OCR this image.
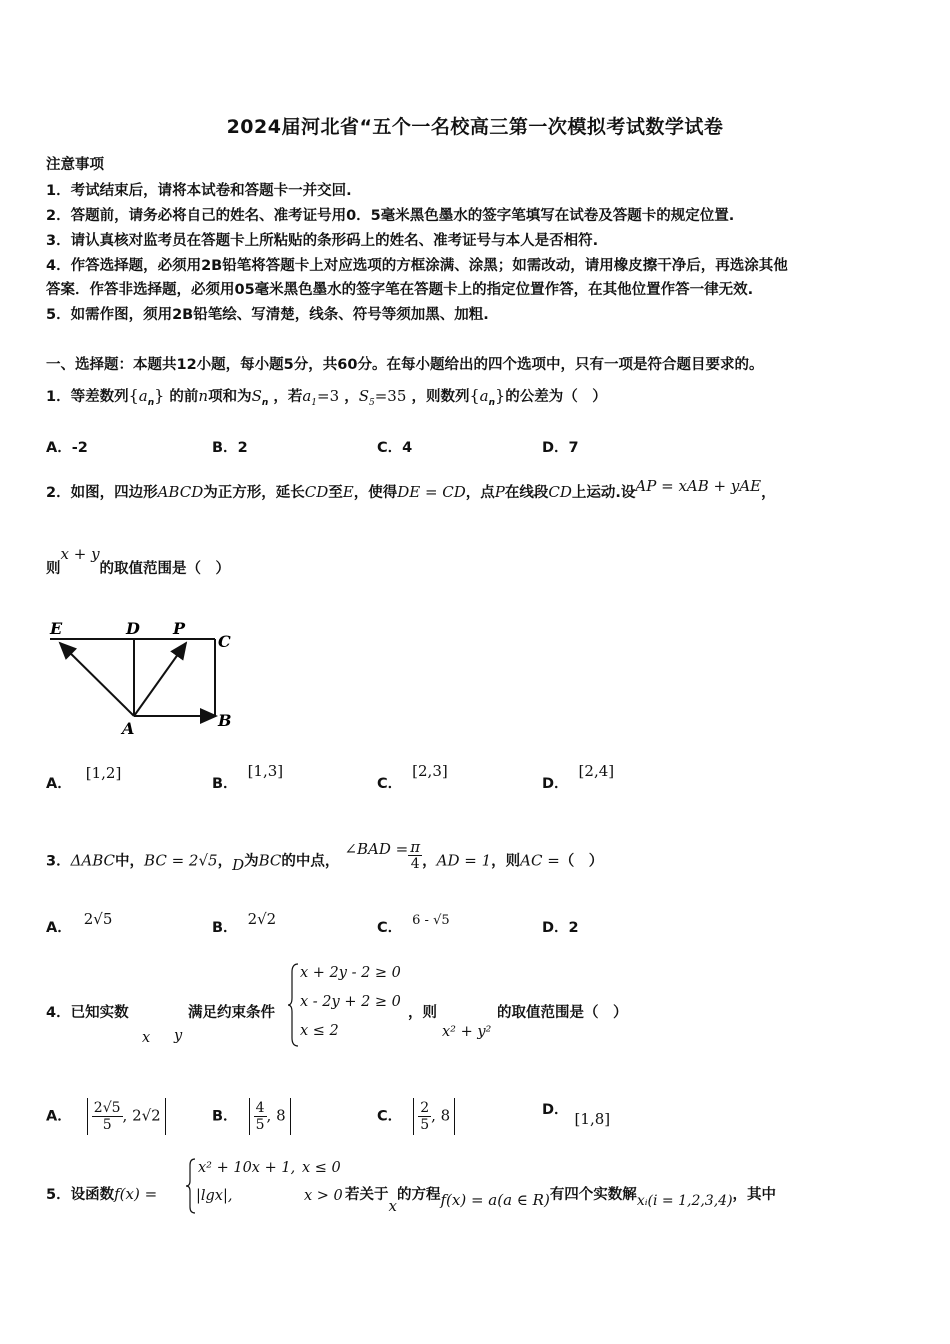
2024届河北省“五个一名校高三第一次模拟考试数学试卷
注意事项
1．考试结束后，请将本试卷和答题卡一并交回.
2．答题前，请务必将自己的姓名、准考证号用0．5毫米黑色墨水的签字笔填写在试卷及答题卡的规定位置.
3．请认真核对监考员在答题卡上所粘贴的条形码上的姓名、准考证号与本人是否相符.
4．作答选择题，必须用2B铅笔将答题卡上对应选项的方框涂满、涂黑；如需改动，请用橡皮擦干净后，再选涂其他
答案．作答非选择题，必须用05毫米黑色墨水的签字笔在答题卡上的指定位置作答，在其他位置作答一律无效.
5．如需作图，须用2B铅笔绘、写清楚，线条、符号等须加黑、加粗.
一、选择题：本题共12小题，每小题5分，共60分。在每小题给出的四个选项中，只有一项是符合题目要求的。
1．等差数列$\{a_n\}$ 的前n项和为$S_n$ ，若$a_1=3$ ，$S_5=35$ ，则数列$\{a_n\}$的公差为（　）
A．-2	B．2	C．4	D．7
2．如图，四边形ABCD为正方形，延长CD至E，使得DE = CD，点P在线段CD上运动.设AP = xAB + yAE，
则x + y的取值范围是（　）
E	D P
C
A	B
A．[1,2]
B．[1,3]
C．[2,3]
D．[2,4]
3．ΔABC中，BC = 2√5，D为BC的中点， ∠BAD = $\frac{\pi}{4}$ ，AD = 1，则AC =（　）
A． 2√5	B． 2√2	C． 6 - √5	D．2
4．已知实数	满足约束条件
x y
x + 2y - 2 ≥ 0
x - 2y + 2 ≥ 0
x ≤ 2
，则
x² + y²
的取值范围是（　）
A． $\frac{2√5}{5}$ , 2√2	B． $\frac{4}{5}$ , 8	C． $\frac{2}{5}$ , 8	D． [1,8]
5．设函数f(x) =
x² + 10x + 1, x ≤ 0
|lgx|,	x > 0 若关于x的方程f(x) = a(a ∈ R)有四个实数解xᵢ(i = 1,2,3,4)，其中
